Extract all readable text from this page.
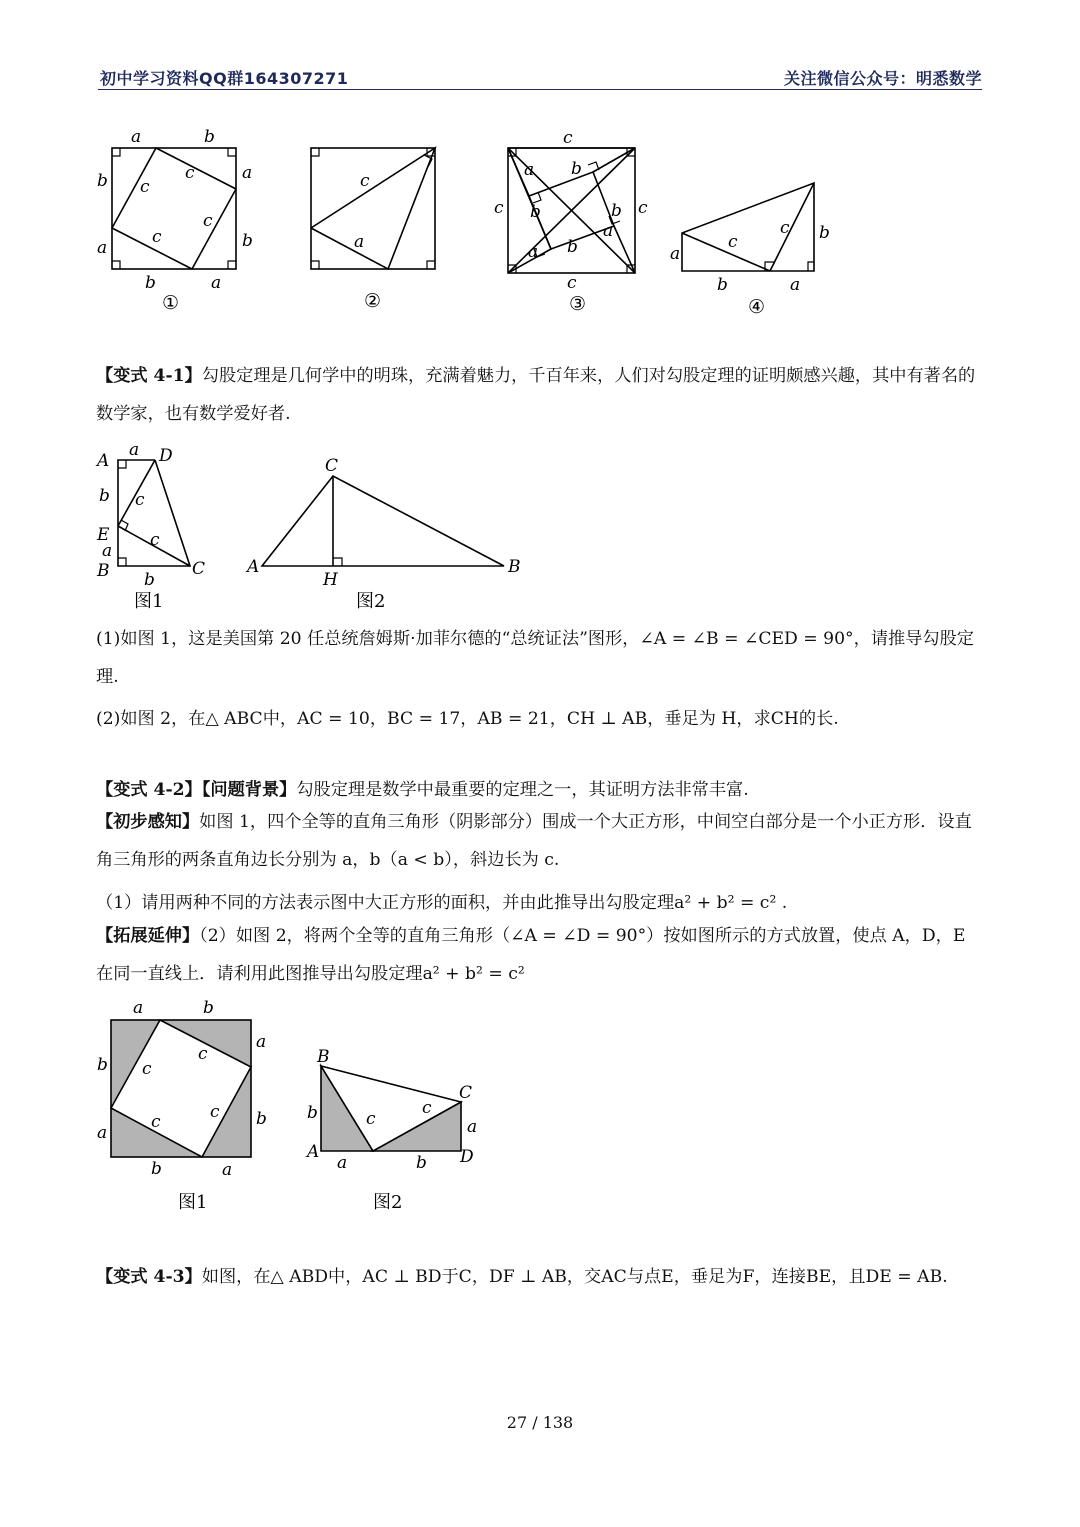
初中学习资料QQ群164307271	关注微信公众号：明悉数学
a	b
b
a
a
b
b	a
c
c
c
c
c
a
c
c	c
c
a b
b	b
a
a b	a
b
b	a
c
c
①	②	③	④

【变式 4-1】勾股定理是几何学中的明珠，充满着魅力，千百年来，人们对勾股定理的证明颇感兴趣，其中有著名的数学家，也有数学爱好者.

A
a D
b c
E
a
c
B b
C
C
A	B
H
图1	图2

(1)如图 1，这是美国第 20 任总统詹姆斯·加菲尔德的“总统证法”图形，∠A = ∠B = ∠CED = 90°，请推导勾股定理.

(2)如图 2，在△ ABC中，AC = 10，BC = 17，AB = 21，CH ⊥ AB，垂足为 H，求CH的长.

【变式 4-2】【问题背景】勾股定理是数学中最重要的定理之一，其证明方法非常丰富.

【初步感知】如图 1，四个全等的直角三角形（阴影部分）围成一个大正方形，中间空白部分是一个小正方形．设直角三角形的两条直角边长分别为 a，b（a < b），斜边长为 c.

（1）请用两种不同的方法表示图中大正方形的面积，并由此推导出勾股定理a² + b² = c² .

【拓展延伸】（2）如图 2，将两个全等的直角三角形（∠A = ∠D = 90°）按如图所示的方式放置，使点 A，D，E 在同一直线上．请利用此图推导出勾股定理a² + b² = c²

a	b
b
a
a
b
b	a
c
c
c
c
B
b
A
a	b
c
c
C
a
D
图1	图2

【变式 4-3】如图，在△ ABD中，AC ⊥ BD于C，DF ⊥ AB，交AC与点E，垂足为F，连接BE，且DE = AB.

27 / 138
